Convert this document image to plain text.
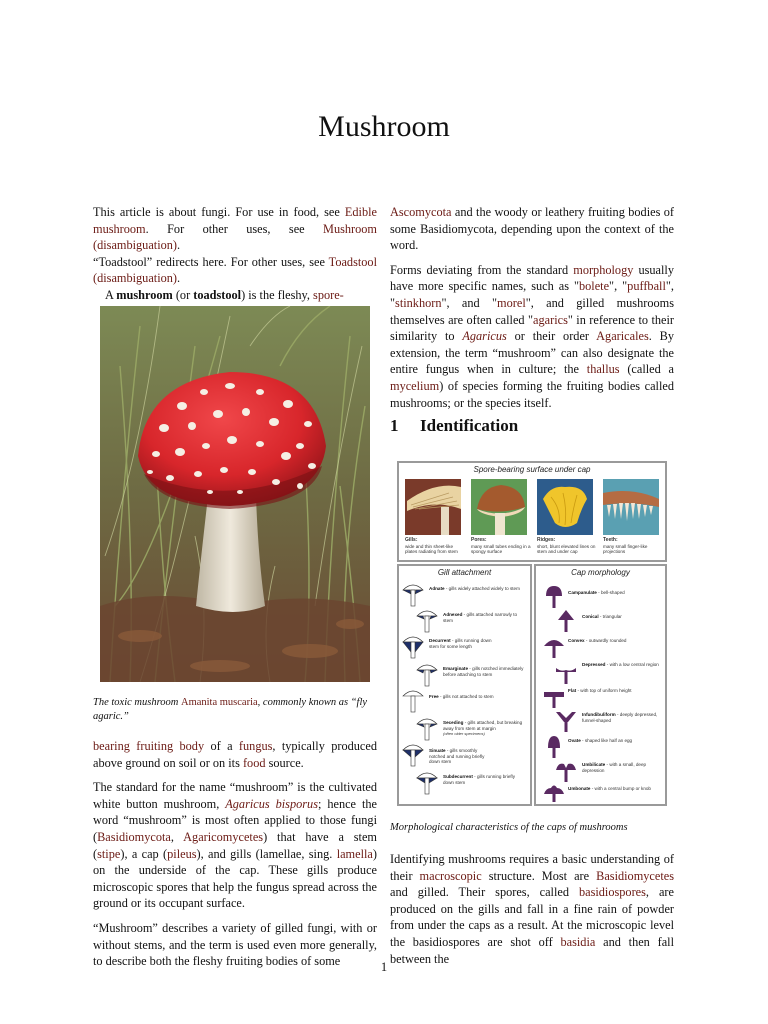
Mushroom

This article is about fungi. For use in food, see Edible mushroom. For other uses, see Mushroom (disambiguation).

“Toadstool” redirects here. For other uses, see Toadstool (disambiguation).

A mushroom (or toadstool) is the fleshy, spore-

The toxic mushroom Amanita muscaria, commonly known as “fly agaric.”

bearing fruiting body of a fungus, typically produced above ground on soil or on its food source.

The standard for the name “mushroom” is the cultivated white button mushroom, Agaricus bisporus; hence the word “mushroom” is most often applied to those fungi (Basidiomycota, Agaricomycetes) that have a stem (stipe), a cap (pileus), and gills (lamellae, sing. lamella) on the underside of the cap. These gills produce microscopic spores that help the fungus spread across the ground or its occupant surface.

“Mushroom” describes a variety of gilled fungi, with or without stems, and the term is used even more generally, to describe both the fleshy fruiting bodies of some

Ascomycota and the woody or leathery fruiting bodies of some Basidiomycota, depending upon the context of the word.

Forms deviating from the standard morphology usually have more specific names, such as "bolete", "puffball", "stinkhorn", and "morel", and gilled mushrooms themselves are often called "agarics" in reference to their similarity to Agaricus or their order Agaricales. By extension, the term “mushroom” can also designate the entire fungus when in culture; the thallus (called a mycelium) of species forming the fruiting bodies called mushrooms; or the species itself.

1 Identification
Spore-bearing surface under cap
Gills:
wide and thin sheet-like plates radiating from stem
Pores:
many small tubes ending in a spongy surface
Ridges:
short, blunt elevated lines on stem and under cap
Teeth:
many small finger-like projections
Gill attachment
Adnate - gills widely attached widely to stem
Adnexed - gills attached narrowly to stem
Decurrent - gills running down stem for some length
Emarginate - gills notched immediately before attaching to stem
Free - gills not attached to stem
Seceding - gills attached, but breaking away from stem at margin
(often older specimens)
Sinuate - gills smoothly notched and running briefly down stem
Subdecurrent - gills running briefly down stem
Cap morphology
Campanulate - bell-shaped
Conical - triangular
Convex - outwardly rounded
Depressed - with a low central region
Flat - with top of uniform height
Infundibuliform - deeply depressed, funnel-shaped
Ovate - shaped like half an egg
Umbilicate - with a small, deep depression
Umbonate - with a central bump or knob
Morphological characteristics of the caps of mushrooms

Identifying mushrooms requires a basic understanding of their macroscopic structure. Most are Basidiomycetes and gilled. Their spores, called basidiospores, are produced on the gills and fall in a fine rain of powder from under the caps as a result. At the microscopic level the basidiospores are shot off basidia and then fall between the

1
